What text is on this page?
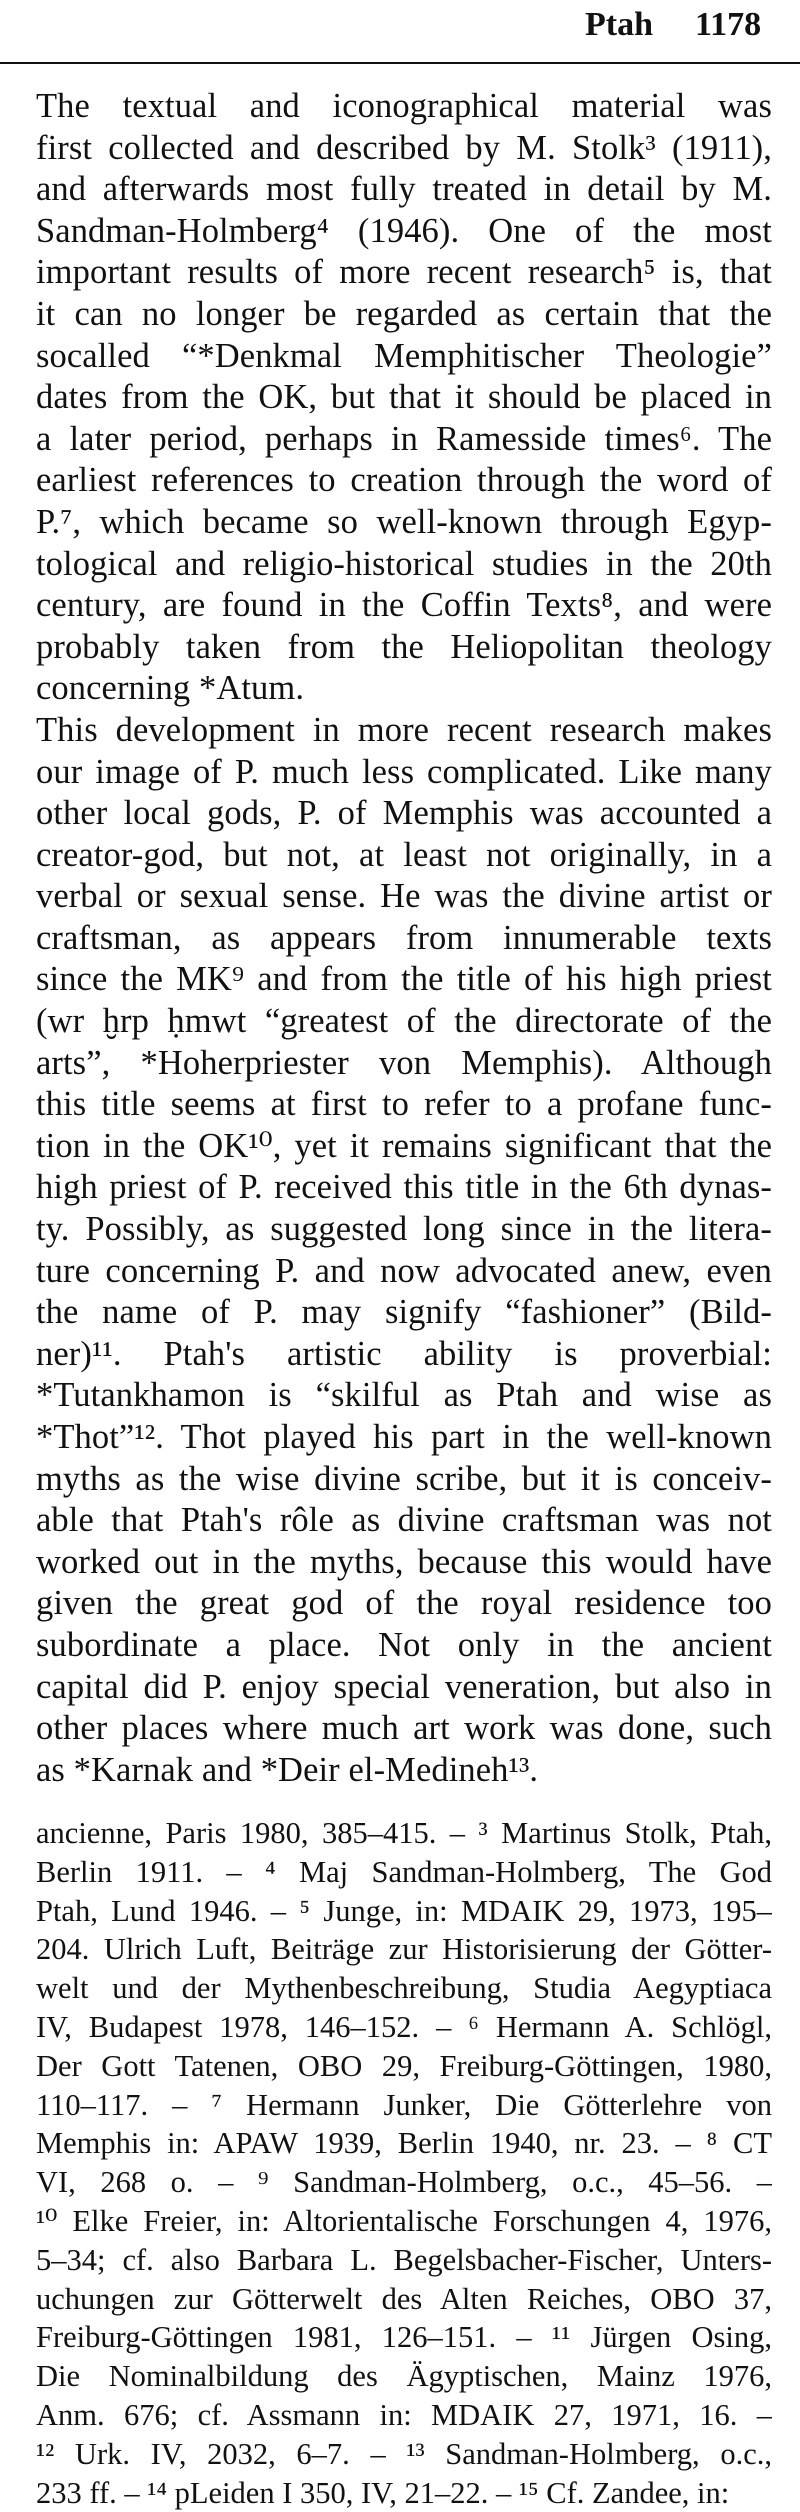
Ptah 1178

The textual and iconographical material was

first collected and described by M. Stolk³ (1911),

and afterwards most fully treated in detail by M.

Sandman-Holmberg⁴ (1946). One of the most

important results of more recent research⁵ is, that

it can no longer be regarded as certain that the

socalled “*Denkmal Memphitischer Theologie”

dates from the OK, but that it should be placed in

a later period, perhaps in Ramesside times⁶. The

earliest references to creation through the word of

P.⁷, which became so well-known through Egyp-

tological and religio-historical studies in the 20th

century, are found in the Coffin Texts⁸, and were

probably taken from the Heliopolitan theology

concerning *Atum.

This development in more recent research makes

our image of P. much less complicated. Like many

other local gods, P. of Memphis was accounted a

creator-god, but not, at least not originally, in a

verbal or sexual sense. He was the divine artist or

craftsman, as appears from innumerable texts

since the MK⁹ and from the title of his high priest

(wr ḫrp ḥmwt “greatest of the directorate of the

arts”, *Hoherpriester von Memphis). Although

this title seems at first to refer to a profane func-

tion in the OK¹⁰, yet it remains significant that the

high priest of P. received this title in the 6th dynas-

ty. Possibly, as suggested long since in the litera-

ture concerning P. and now advocated anew, even

the name of P. may signify “fashioner” (Bild-

ner)¹¹. Ptah's artistic ability is proverbial:

*Tutankhamon is “skilful as Ptah and wise as

*Thot”¹². Thot played his part in the well-known

myths as the wise divine scribe, but it is conceiv-

able that Ptah's rôle as divine craftsman was not

worked out in the myths, because this would have

given the great god of the royal residence too

subordinate a place. Not only in the ancient

capital did P. enjoy special veneration, but also in

other places where much art work was done, such

as *Karnak and *Deir el-Medineh¹³.

ancienne, Paris 1980, 385–415. – ³ Martinus Stolk, Ptah,

Berlin 1911. – ⁴ Maj Sandman-Holmberg, The God

Ptah, Lund 1946. – ⁵ Junge, in: MDAIK 29, 1973, 195–

204. Ulrich Luft, Beiträge zur Historisierung der Götter-

welt und der Mythenbeschreibung, Studia Aegyptiaca

IV, Budapest 1978, 146–152. – ⁶ Hermann A. Schlögl,

Der Gott Tatenen, OBO 29, Freiburg-Göttingen, 1980,

110–117. – ⁷ Hermann Junker, Die Götterlehre von

Memphis in: APAW 1939, Berlin 1940, nr. 23. – ⁸ CT

VI, 268 o. – ⁹ Sandman-Holmberg, o.c., 45–56. –

¹⁰ Elke Freier, in: Altorientalische Forschungen 4, 1976,

5–34; cf. also Barbara L. Begelsbacher-Fischer, Unters-

uchungen zur Götterwelt des Alten Reiches, OBO 37,

Freiburg-Göttingen 1981, 126–151. – ¹¹ Jürgen Osing,

Die Nominalbildung des Ägyptischen, Mainz 1976,

Anm. 676; cf. Assmann in: MDAIK 27, 1971, 16. –

¹² Urk. IV, 2032, 6–7. – ¹³ Sandman-Holmberg, o.c.,

233 ff. – ¹⁴ pLeiden I 350, IV, 21–22. – ¹⁵ Cf. Zandee, in:
